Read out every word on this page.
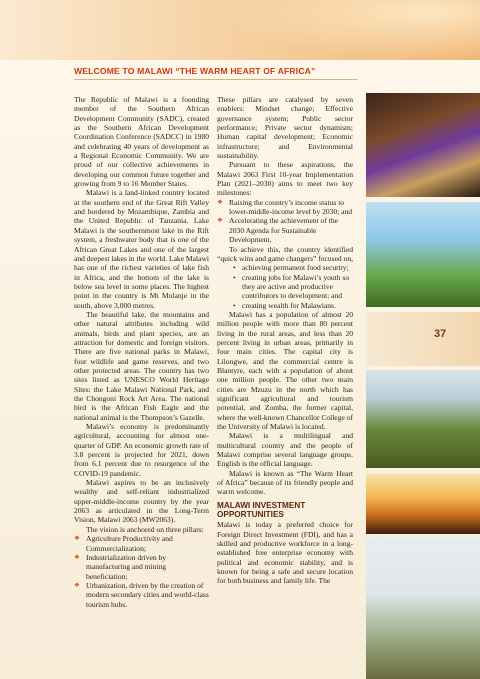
WELCOME TO MALAWI “THE WARM HEART OF AFRICA”

The Republic of Malawi is a founding member of the Southern African Development Community (SADC), created as the Southern African Development Coordination Conference (SADCC) in 1980 and celebrating 40 years of development as a Regional Economic Community. We are proud of our collective achievements in developing our common future together and growing from 9 to 16 Member States.

Malawi is a land-linked country located at the southern end of the Great Rift Valley and bordered by Mozambique, Zambia and the United Republic of Tanzania. Lake Malawi is the southernmost lake in the Rift system, a freshwater body that is one of the African Great Lakes and one of the largest and deepest lakes in the world. Lake Malawi has one of the richest varieties of lake fish in Africa, and the bottom of the lake is below sea level in some places. The highest point in the country is Mt Mulanje in the south, above 3,000 metres.

The beautiful lake, the mountains and other natural attributes including wild animals, birds and plant species, are an attraction for domestic and foreign visitors. There are five national parks in Malawi, four wildlife and game reserves, and two other protected areas. The country has two sites listed as UNESCO World Heritage Sites: the Lake Malawi National Park, and the Chongoni Rock Art Area. The national bird is the African Fish Eagle and the national animal is the Thompson’s Gazelle.

Malawi’s economy is predominantly agricultural, accounting for almost one-quarter of GDP. An economic growth rate of 3.8 percent is projected for 2021, down from 6.1 percent due to resurgence of the COVID-19 pandemic.

Malawi aspires to be an inclusively wealthy and self-reliant industrialized upper-middle-income country by the year 2063 as articulated in the Long-Term Vision, Malawi 2063 (MW2063).

The vision is anchored on three pillars:

❖ Agriculture Productivity and Commercialization;
❖ Industrialization driven by manufacturing and mining beneficiation;
❖ Urbanization, driven by the creation of modern secondary cities and world-class tourism hubs.

These pillars are catalysed by seven enablers: Mindset change; Effective governance system; Public sector performance; Private sector dynamism; Human capital development; Economic infrastructure; and Environmental sustainability.

Pursuant to these aspirations, the Malawi 2063 First 10-year Implementation Plan (2021–2030) aims to meet two key milestones:

❖ Raising the country’s income status to lower-middle-income level by 2030; and
❖ Accelerating the achievement of the 2030 Agenda for Sustainable Development.

To achieve this, the country identified “quick wins and game changers” focused on,

• achieving permanent food security;
• creating jobs for Malawi’s youth so they are active and productive contributors to development; and
• creating wealth for Malawians.

Malawi has a population of almost 20 million people with more than 80 percent living in the rural areas, and less than 20 percent living in urban areas, primarily in four main cities. The capital city is Lilongwe, and the commercial centre is Blantyre, each with a population of about one million people. The other two main cities are Mzuzu in the north which has significant agricultural and tourism potential, and Zomba, the former capital, where the well-known Chancellor College of the University of Malawi is located.

Malawi is a multilingual and multicultural country and the people of Malawi comprise several language groups. English is the official language.

Malawi is known as “The Warm Heart of Africa” because of its friendly people and warm welcome.

MALAWI INVESTMENT OPPORTUNITIES

Malawi is today a preferred choice for Foreign Direct Investment (FDI), and has a skilled and productive workforce in a long-established free enterprise economy with political and economic stability, and is known for being a safe and secure location for both business and family life. The

37
